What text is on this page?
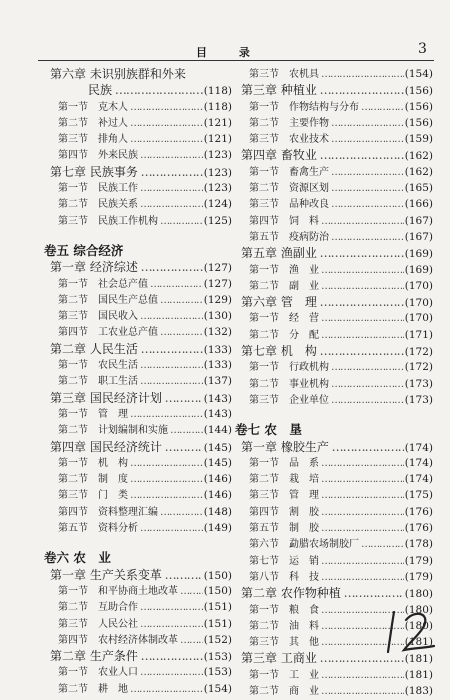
目 录	3
第六章 未识别族群和外来
民族 ………………………………………………………………………………………………	(118)
第一节　克木人 ………………………………………………………………………………………………	(118)
第二节　补过人 ………………………………………………………………………………………………	(121)
第三节　排角人 ………………………………………………………………………………………………	(121)
第四节　外来民族 ………………………………………………………………………………………………	(123)
第七章 民族事务 ………………………………………………………………………………………………	(123)
第一节　民族工作 ………………………………………………………………………………………………	(123)
第二节　民族关系 ………………………………………………………………………………………………	(124)
第三节　民族工作机构 ………………………………………………………………………………………………	(125)
卷五 综合经济
第一章 经济综述 ………………………………………………………………………………………………	(127)
第一节　社会总产值 ………………………………………………………………………………………………	(127)
第二节　国民生产总值 ………………………………………………………………………………………………	(129)
第三节　国民收入 ………………………………………………………………………………………………	(130)
第四节　工农业总产值 ………………………………………………………………………………………………	(132)
第二章 人民生活 ………………………………………………………………………………………………	(133)
第一节　农民生活 ………………………………………………………………………………………………	(133)
第二节　职工生活 ………………………………………………………………………………………………	(137)
第三章 国民经济计划 ………………………………………………………………………………………………	(143)
第一节　管　理 ………………………………………………………………………………………………	(143)
第二节　计划编制和实施 ………………………………………………………………………………………………	(144)
第四章 国民经济统计 ………………………………………………………………………………………………	(145)
第一节　机　构 ………………………………………………………………………………………………	(145)
第二节　制　度 ………………………………………………………………………………………………	(146)
第三节　门　类 ………………………………………………………………………………………………	(146)
第四节　资料整理汇编 ………………………………………………………………………………………………	(148)
第五节　资料分析 ………………………………………………………………………………………………	(149)
卷六 农　业
第一章 生产关系变革 ………………………………………………………………………………………………	(150)
第一节　和平协商土地改革 ………………………………………………………………………………………………	(150)
第二节　互助合作 ………………………………………………………………………………………………	(151)
第三节　人民公社 ………………………………………………………………………………………………	(151)
第四节　农村经济体制改革 ………………………………………………………………………………………………	(152)
第二章 生产条件 ………………………………………………………………………………………………	(153)
第一节　农业人口 ………………………………………………………………………………………………	(153)
第二节　耕　地 ………………………………………………………………………………………………	(154)
第三节　农机具 ………………………………………………………………………………………………	(154)
第三章 种植业 ………………………………………………………………………………………………	(156)
第一节　作物结构与分布 ………………………………………………………………………………………………	(156)
第二节　主要作物 ………………………………………………………………………………………………	(156)
第三节　农业技术 ………………………………………………………………………………………………	(159)
第四章 畜牧业 ………………………………………………………………………………………………	(162)
第一节　畜禽生产 ………………………………………………………………………………………………	(162)
第二节　资源区划 ………………………………………………………………………………………………	(165)
第三节　品种改良 ………………………………………………………………………………………………	(166)
第四节　饲　料 ………………………………………………………………………………………………	(167)
第五节　疫病防治 ………………………………………………………………………………………………	(167)
第五章 渔副业 ………………………………………………………………………………………………	(169)
第一节　渔　业 ………………………………………………………………………………………………	(169)
第二节　副　业 ………………………………………………………………………………………………	(170)
第六章 管　理 ………………………………………………………………………………………………	(170)
第一节　经　营 ………………………………………………………………………………………………	(170)
第二节　分　配 ………………………………………………………………………………………………	(171)
第七章 机　构 ………………………………………………………………………………………………	(172)
第一节　行政机构 ………………………………………………………………………………………………	(172)
第二节　事业机构 ………………………………………………………………………………………………	(173)
第三节　企业单位 ………………………………………………………………………………………………	(173)
卷七 农　垦
第一章 橡胶生产 ………………………………………………………………………………………………	(174)
第一节　品　系 ………………………………………………………………………………………………	(174)
第二节　栽　培 ………………………………………………………………………………………………	(174)
第三节　管　理 ………………………………………………………………………………………………	(175)
第四节　割　胶 ………………………………………………………………………………………………	(176)
第五节　制　胶 ………………………………………………………………………………………………	(176)
第六节　勐腊农场制胶厂 ………………………………………………………………………………………………	(178)
第七节　运　销 ………………………………………………………………………………………………	(179)
第八节　科　技 ………………………………………………………………………………………………	(179)
第二章 农作物种植 ………………………………………………………………………………………………	(180)
第一节　粮　食 ………………………………………………………………………………………………	(180)
第二节　油　料 ………………………………………………………………………………………………	(180)
第三节　其　他 ………………………………………………………………………………………………	(181)
第三章 工商业 ………………………………………………………………………………………………	(181)
第一节　工　业 ………………………………………………………………………………………………	(181)
第二节　商　业 ………………………………………………………………………………………………	(183)
